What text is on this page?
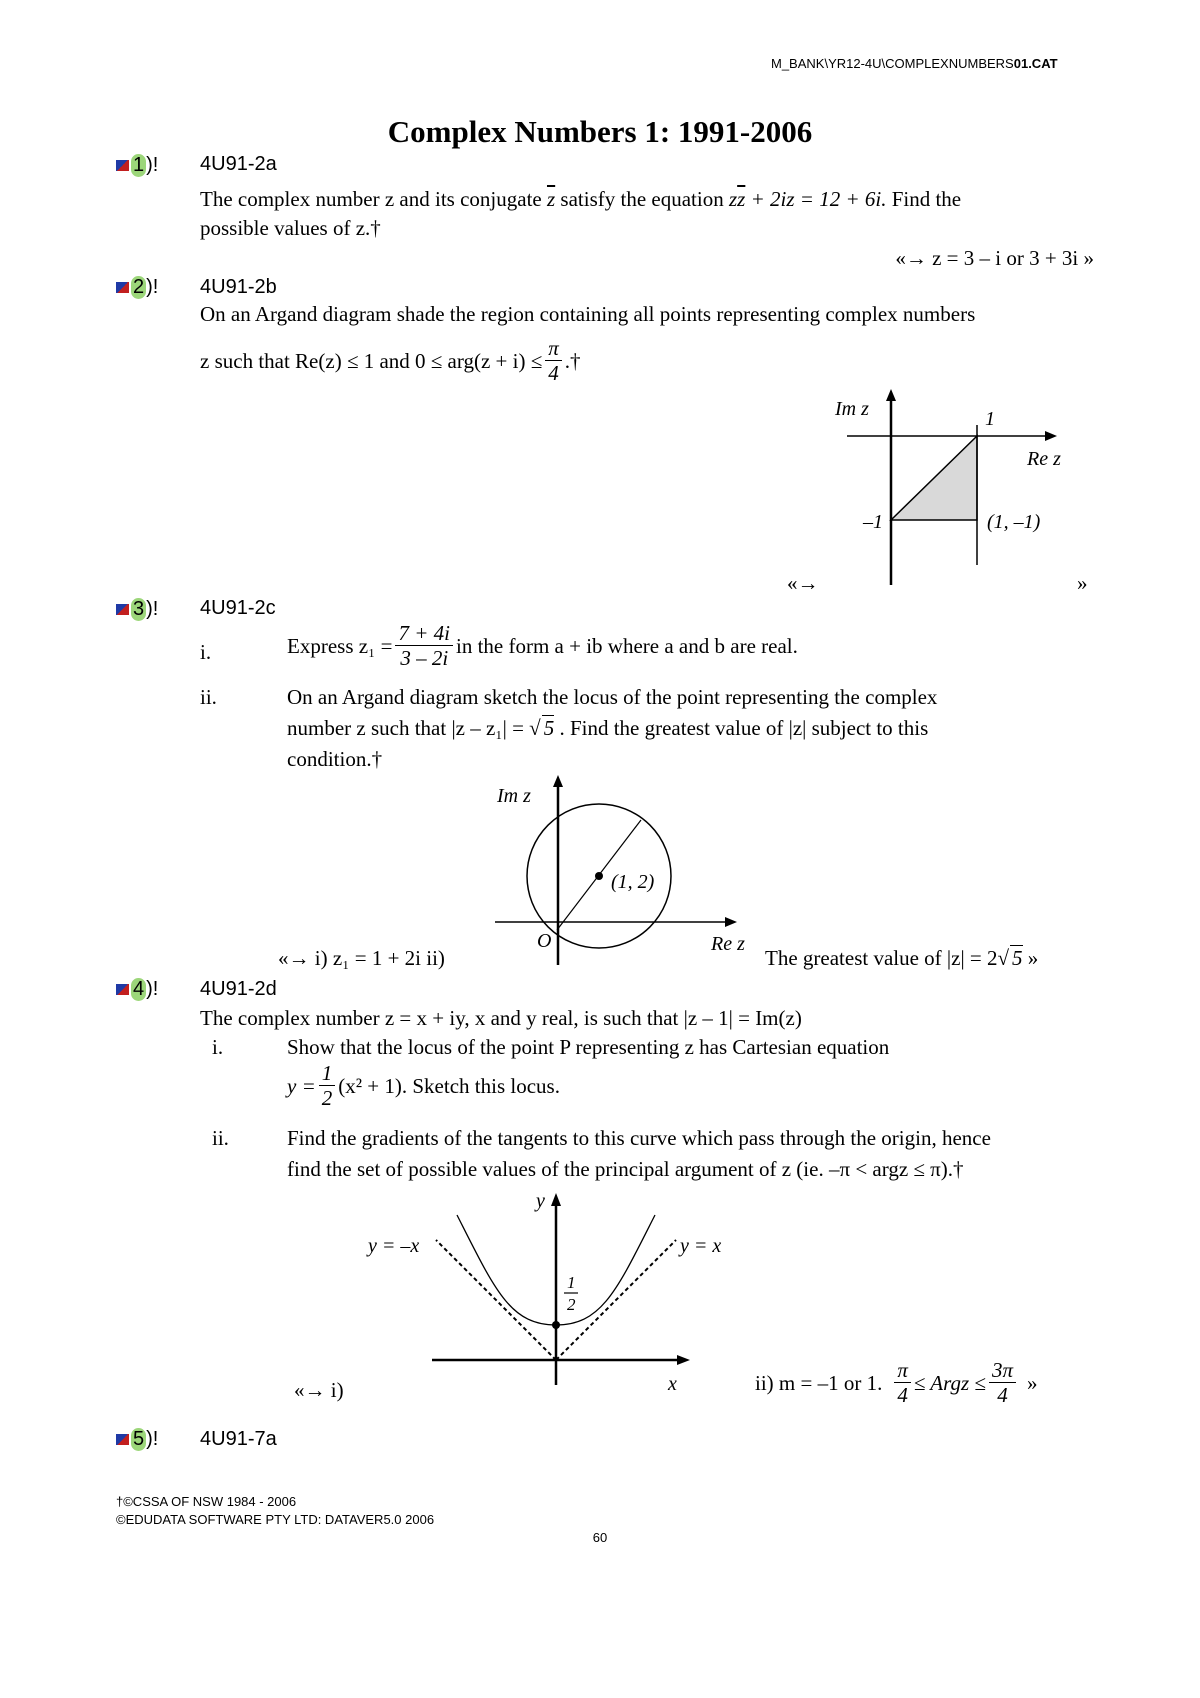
M_BANK\YR12-4U\COMPLEXNUMBERS01.CAT
Complex Numbers 1: 1991-2006
1 )! 4U91-2a
The complex number z and its conjugate $\overline{z}$ satisfy the equation $z\overline{z} + 2iz = 12 + 6i$. Find the
possible values of z.†
«→ z = 3 – i or 3 + 3i »
2 )! 4U91-2b
On an Argand diagram shade the region containing all points representing complex numbers
z such that Re(z) ≤ 1 and $0 \le arg(z + i) \le \frac{\pi}{4}$ .†
Im z	1
Re z
–1	(1, –1)
«→	»
3 )! 4U91-2c
i.	Express $z_1 = \frac{7 + 4i}{3 - 2i}$ in the form a + ib where a and b are real.
ii.	On an Argand diagram sketch the locus of the point representing the complex
number z such that |z – z₁| = √ 5 . Find the greatest value of |z| subject to this
condition.†
Im z
(1, 2)
O	Re z
«→ i) z₁ = 1 + 2i ii)	The greatest value of |z| = 2√ 5 »
4 )! 4U91-2d
The complex number z = x + iy, x and y real, is such that |z – 1| = Im(z)
i.	Show that the locus of the point P representing z has Cartesian equation
$y = \frac{1}{2} (x^2 + 1)$. Sketch this locus.
ii.	Find the gradients of the tangents to this curve which pass through the origin, hence
find the set of possible values of the principal argument of z (ie. –π < argz ≤ π).†
y
y = –x	y = x
1
2
x
«→ i)	ii) m = –1 or 1. $\frac{\pi}{4}$ ≤ Argz ≤ $\frac{3\pi}{4}$ »
5 )! 4U91-7a
†©CSSA OF NSW 1984 - 2006
©EDUDATA SOFTWARE PTY LTD: DATAVER5.0 2006
60
